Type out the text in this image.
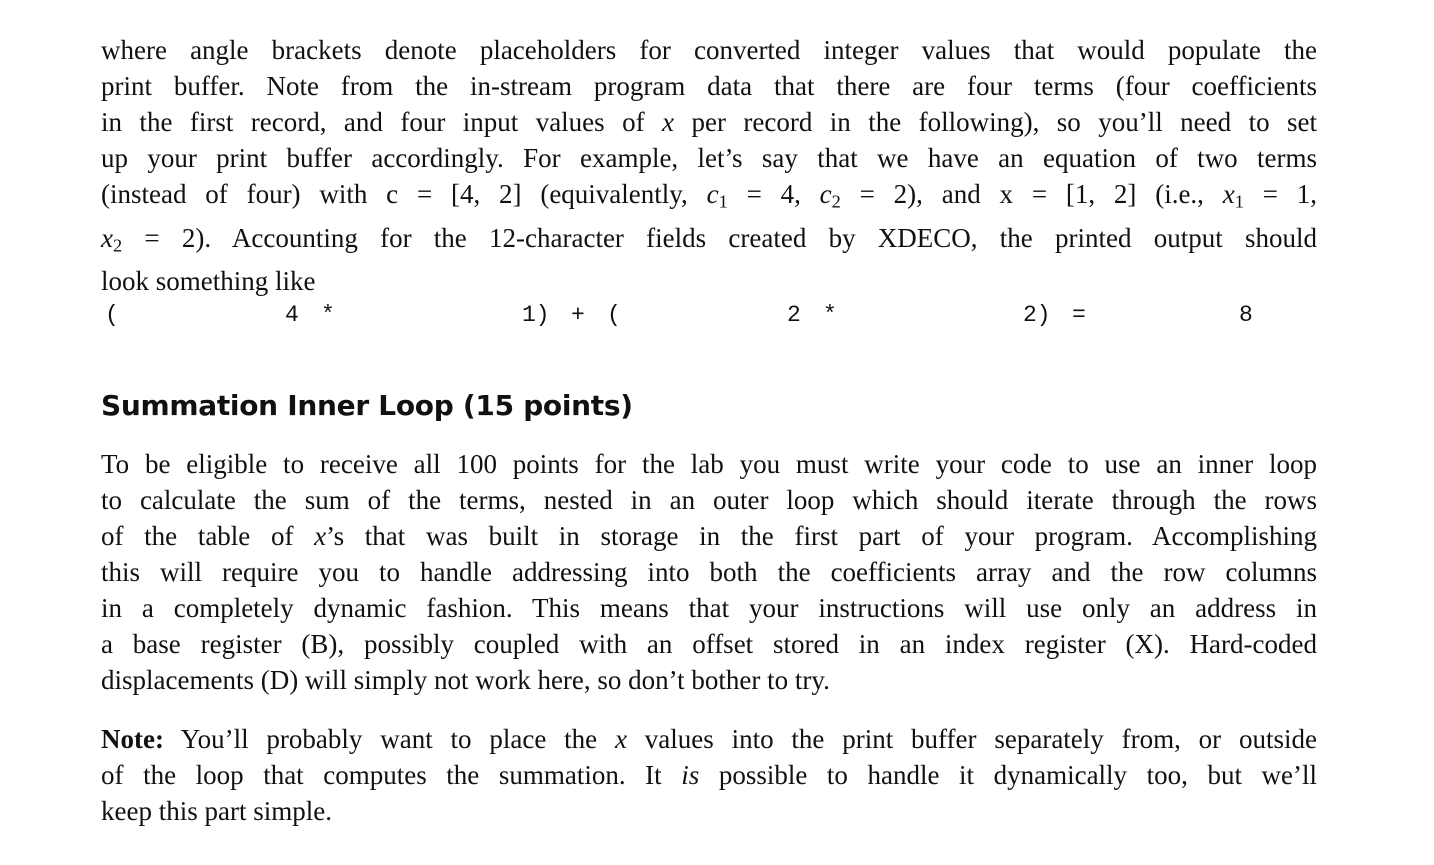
where angle brackets denote placeholders for converted integer values that would populate the
print buffer. Note from the in-stream program data that there are four terms (four coefficients
in the first record, and four input values of x per record in the following), so you’ll need to set
up your print buffer accordingly. For example, let’s say that we have an equation of two terms
(instead of four) with c = [4, 2] (equivalently, $c_1 = 4$, $c_2 = 2$), and x = [1, 2] (i.e., $x_1 = 1$,
$x_2 = 2$). Accounting for the 12-character fields created by XDECO, the printed output should
look something like

(	4 *	1) + (	2 *	2) =	8
Summation Inner Loop (15 points)

To be eligible to receive all 100 points for the lab you must write your code to use an inner loop
to calculate the sum of the terms, nested in an outer loop which should iterate through the rows
of the table of x’s that was built in storage in the first part of your program. Accomplishing
this will require you to handle addressing into both the coefficients array and the row columns
in a completely dynamic fashion. This means that your instructions will use only an address in
a base register (B), possibly coupled with an offset stored in an index register (X). Hard-coded
displacements (D) will simply not work here, so don’t bother to try.

Note: You’ll probably want to place the x values into the print buffer separately from, or outside
of the loop that computes the summation. It is possible to handle it dynamically too, but we’ll
keep this part simple.
